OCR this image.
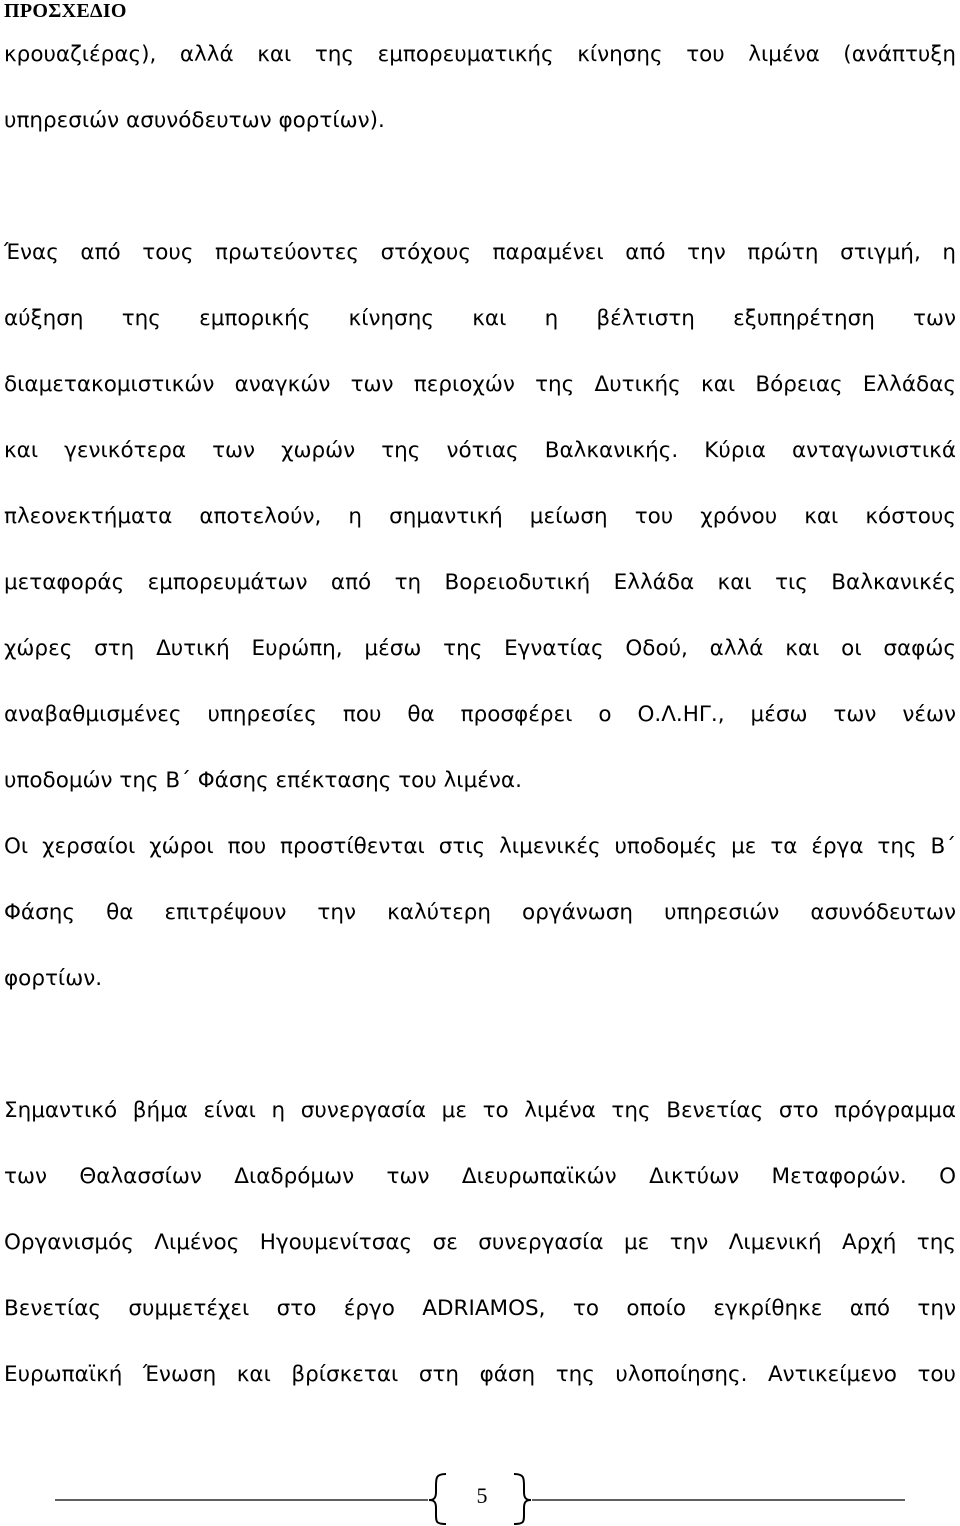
ΠΡΟΣΧΕΔΙΟ
κρουαζιέρας), αλλά και της εμπορευματικής κίνησης του λιμένα (ανάπτυξη
υπηρεσιών ασυνόδευτων φορτίων).
Ένας από τους πρωτεύοντες στόχους παραμένει από την πρώτη στιγμή, η
αύξηση της εμπορικής κίνησης και η βέλτιστη εξυπηρέτηση των
διαμετακομιστικών αναγκών των περιοχών της Δυτικής και Βόρειας Ελλάδας
και γενικότερα των χωρών της νότιας Βαλκανικής. Κύρια ανταγωνιστικά
πλεονεκτήματα αποτελούν, η σημαντική μείωση του χρόνου και κόστους
μεταφοράς εμπορευμάτων από τη Βορειοδυτική Ελλάδα και τις Βαλκανικές
χώρες στη Δυτική Ευρώπη, μέσω της Εγνατίας Οδού, αλλά και οι σαφώς
αναβαθμισμένες υπηρεσίες που θα προσφέρει ο Ο.Λ.ΗΓ., μέσω των νέων
υποδομών της Β΄ Φάσης επέκτασης του λιμένα.
Οι χερσαίοι χώροι που προστίθενται στις λιμενικές υποδομές με τα έργα της Β΄
Φάσης θα επιτρέψουν την καλύτερη οργάνωση υπηρεσιών ασυνόδευτων
φορτίων.
Σημαντικό βήμα είναι η συνεργασία με το λιμένα της Βενετίας στο πρόγραμμα
των Θαλασσίων Διαδρόμων των Διευρωπαϊκών Δικτύων Μεταφορών. Ο
Οργανισμός Λιμένος Ηγουμενίτσας σε συνεργασία με την Λιμενική Αρχή της
Βενετίας συμμετέχει στο έργο ADRIAMOS, το οποίο εγκρίθηκε από την
Ευρωπαϊκή Ένωση και βρίσκεται στη φάση της υλοποίησης. Αντικείμενο του
5
